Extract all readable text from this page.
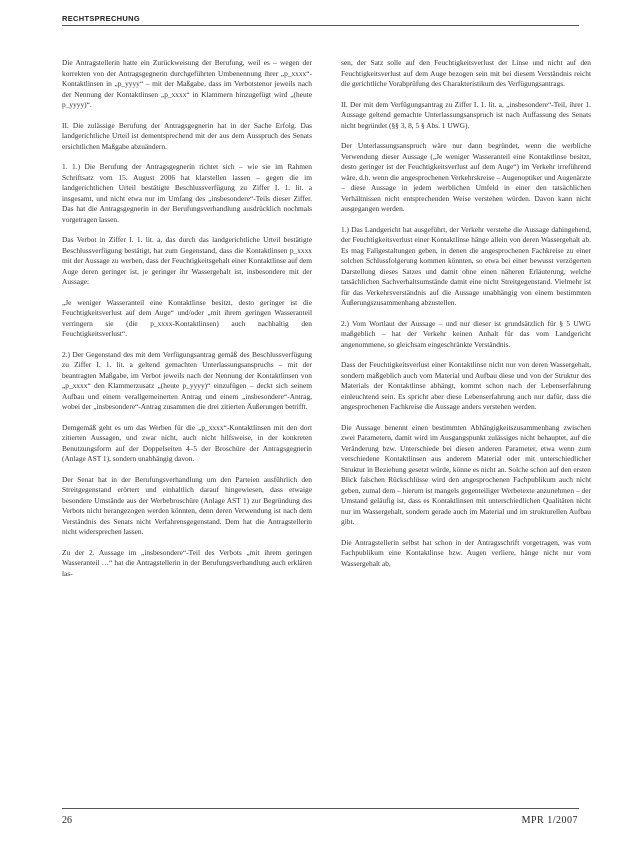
RECHTSPRECHUNG

Die Antragstellerin hatte ein Zurückweisung der Berufung, weil es – wegen der korrekten von der Antragsgegnerin durchgeführten Umbenennung ihrer „p_xxxx“-Kontaktlinsen in „p_yyyy“ – mit der Maßgabe, dass im Verbotstenor jeweils nach der Nennung der Kontaktlinsen „p_xxxx“ in Klammern hinzugefügt wird „(heute p_yyyy)“.

II. Die zulässige Berufung der Antragsgegnerin hat in der Sache Erfolg. Das landgerichtliche Urteil ist dementsprechend mit der aus dem Ausspruch des Senats ersichtlichen Maßgabe abzuändern.

1. 1.) Die Berufung der Antragsgegnerin richtet sich – wie sie im Rahmen Schriftsatz vom 15. August 2006 hat klarstellen lassen – gegen die im landgerichtlichen Urteil bestätigte Beschlussverfügung zu Ziffer I. 1. lit. a insgesamt, und nicht etwa nur im Umfang des „insbesondere“-Teils dieser Ziffer. Das hat die Antragsgegnerin in der Berufungsverhandlung ausdrücklich nochmals vorgetragen lassen.

Das Verbot in Ziffer I. 1. lit. a, das durch das landgerichtliche Urteil bestätigte Beschlussverfügung bestätigt, hat zum Gegenstand, dass die Kontaktlinsen p_xxxx mit der Aussage zu werben, dass der Feuchtigkeitsgehalt einer Kontaktlinse auf dem Auge deren geringer ist, je geringer ihr Wassergehalt ist, insbesondere mit der Aussage:

„Je weniger Wasseranteil eine Kontaktlinse besitzt, desto geringer ist die Feuchtigkeitsverlust auf dem Auge“ und/oder „mit ihrem geringen Wasseranteil verringern sie (die p_xxxx-Kontaktlinsen) auch nachhaltig den Feuchtigkeitsverlust“.

2.) Der Gegenstand des mit dem Verfügungsantrag gemäß des Beschlussverfügung zu Ziffer I. 1. lit. a geltend gemachten Unterlassungsanspruchs – mit der beantragten Maßgabe, im Verbot jeweils nach der Nennung der Kontaktlinsen von „p_xxxx“ den Klammerzusatz „(heute p_yyyy)“ einzufügen – deckt sich seinem Aufbau und einem verallgemeinerten Antrag und einem „insbesondere“-Antrag, wobei der „insbesondere“-Antrag zusammen die drei zitierten Äußerungen betrifft.

Demgemäß geht es um das Werben für die „p_xxxx“-Kontaktlinsen mit den dort zitierten Aussagen, und zwar nicht, auch nicht hilfsweise, in der konkreten Benutzungsform auf der Doppelseiten 4–5 der Broschüre der Antragsgegnerin (Anlage AST 1), sondern unabhängig davon.

Der Senat hat in der Berufungsverhandlung um den Parteien ausführlich den Streitgegenstand erörtert und einhaltlich darauf hingewiesen, dass etwaige besondere Umstände aus der Werbebroschüre (Anlage AST 1) zur Begründung des Verbots nicht herangezogen werden könnten, denn deren Verwendung ist nach dem Verständnis des Senats nicht Verfahrensgegenstand. Dem hat die Antragstellerin nicht widersprechen lassen.

Zu der 2. Aussage im „insbesondere“-Teil des Verbots „mit ihrem geringen Wasseranteil …“ hat die Antragstellerin in der Berufungsverhandlung auch erklären las-

sen, der Satz solle auf den Feuchtigkeitsverlust der Linse und nicht auf den Feuchtigkeitsverlust auf dem Auge bezogen sein mit bei diesem Verständnis reicht die gerichtliche Vorabprüfung des Charakteristikum des Verfügungsantrags.

II. Der mit dem Verfügungsantrag zu Ziffer I. 1. lit. a, „insbesondere“-Teil, ihrer 1. Aussage geltend gemachte Unterlassungsanspruch ist nach Auffassung des Senats nicht begründet (§§ 3, 8, 5 § Abs. 1 UWG).

Der Unterlassungsanspruch wäre nur dann begründet, wenn die werbliche Verwendung dieser Aussage („Je weniger Wasseranteil eine Kontaktlinse besitzt, desto geringer ist der Feuchtigkeitsverlust auf dem Auge“) im Verkehr irreführend wäre, d.h. wenn die angesprochenen Verkehrskreise – Augenoptiker und Augenärzte – diese Aussage in jedem werblichen Umfeld in einer den tatsächlichen Verhältnissen nicht entsprechenden Weise verstehen würden. Davon kann nicht ausgegangen werden.

1.) Das Landgericht hat ausgeführt, der Verkehr verstehe die Aussage dahingehend, der Feuchtigkeitsverlust einer Kontaktlinse hänge allein von deren Wassergehalt ab. Es mag Fallgestaltungen geben, in denen die angesprochenen Fachkreise zu einer solchen Schlussfolgerung kommen könnten, so etwa bei einer bewusst verzögerten Darstellung dieses Satzes und damit ohne einen näheren Erläuterung, welche tatsächlichen Sachverhaltsumstände damit eine nicht Streitgegenstand. Vielmehr ist für das Verkehrsverständnis auf die Aussage unabhängig von einem bestimmten Äußerungszusammenhang abzustellen.

2.) Vom Wortlaut der Aussage – und nur dieser ist grundsätzlich für § 5 UWG maßgeblich – hat der Verkehr keinen Anhalt für das vom Landgericht angenommene, so gleichsam eingeschränkte Verständnis.

Dass der Feuchtigkeitsverlust einer Kontaktlinse nicht nur von deren Wassergehalt, sondern maßgeblich auch vom Material und Aufbau diese und von der Struktur des Materials der Kontaktlinse abhängt, kommt schon nach der Lebenserfahrung einleuchtend sein. Es spricht aber diese Lebenserfahrung auch nur dafür, dass die angesprochenen Fachkreise die Aussage anders verstehen werden.

Die Aussage benennt einen bestimmten Abhängigkeitszusammenhang zwischen zwei Parametern, damit wird im Ausgangspunkt zulässiges nicht behauptet, auf die Veränderung bzw. Unterschiede bei diesen anderen Parameter, etwa wenn zum verschiedene Kontaktlinsen aus anderem Material oder mit unterschiedlicher Struktur in Beziehung gesetzt würde, könne es nicht an. Solche schon auf den ersten Blick falschen Rückschlüsse wird den angesprochenen Fachpublikum auch nicht geben, zumal dem – hierum ist mangels gegenteiliger Werbetexte anzunehmen – der Umstand geläufig ist, dass es Kontaktlinsen mit unterschiedlichen Qualitäten nicht nur im Wassergehalt, sondern gerade auch im Material und im strukturellen Aufbau gibt.

Die Antragstellerin selbst hat schon in der Antragsschrift vorgetragen, was vom Fachpublikum eine Kontaktlinse bzw. Augen verliere, hänge nicht nur vom Wassergehalt ab,

26	MPR 1/2007
